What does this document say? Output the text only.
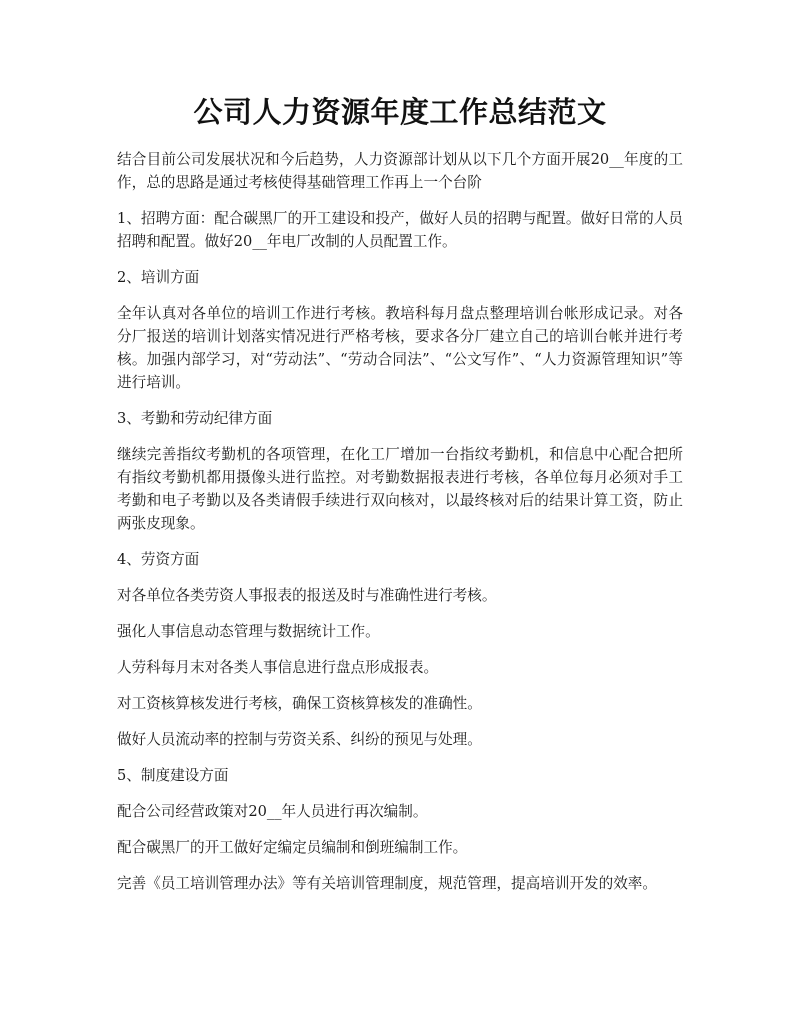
公司人力资源年度工作总结范文

结合目前公司发展状况和今后趋势，人力资源部计划从以下几个方面开展20__年度的工作，总的思路是通过考核使得基础管理工作再上一个台阶

1、招聘方面：配合碳黑厂的开工建设和投产，做好人员的招聘与配置。做好日常的人员招聘和配置。做好20__年电厂改制的人员配置工作。

2、培训方面

全年认真对各单位的培训工作进行考核。教培科每月盘点整理培训台帐形成记录。对各分厂报送的培训计划落实情况进行严格考核，要求各分厂建立自己的培训台帐并进行考核。加强内部学习，对“劳动法”、“劳动合同法”、“公文写作”、“人力资源管理知识”等进行培训。

3、考勤和劳动纪律方面

继续完善指纹考勤机的各项管理，在化工厂增加一台指纹考勤机，和信息中心配合把所有指纹考勤机都用摄像头进行监控。对考勤数据报表进行考核，各单位每月必须对手工考勤和电子考勤以及各类请假手续进行双向核对，以最终核对后的结果计算工资，防止两张皮现象。

4、劳资方面

对各单位各类劳资人事报表的报送及时与准确性进行考核。

强化人事信息动态管理与数据统计工作。

人劳科每月末对各类人事信息进行盘点形成报表。

对工资核算核发进行考核，确保工资核算核发的准确性。

做好人员流动率的控制与劳资关系、纠纷的预见与处理。

5、制度建设方面

配合公司经营政策对20__年人员进行再次编制。

配合碳黑厂的开工做好定编定员编制和倒班编制工作。

完善《员工培训管理办法》等有关培训管理制度，规范管理，提高培训开发的效率。
